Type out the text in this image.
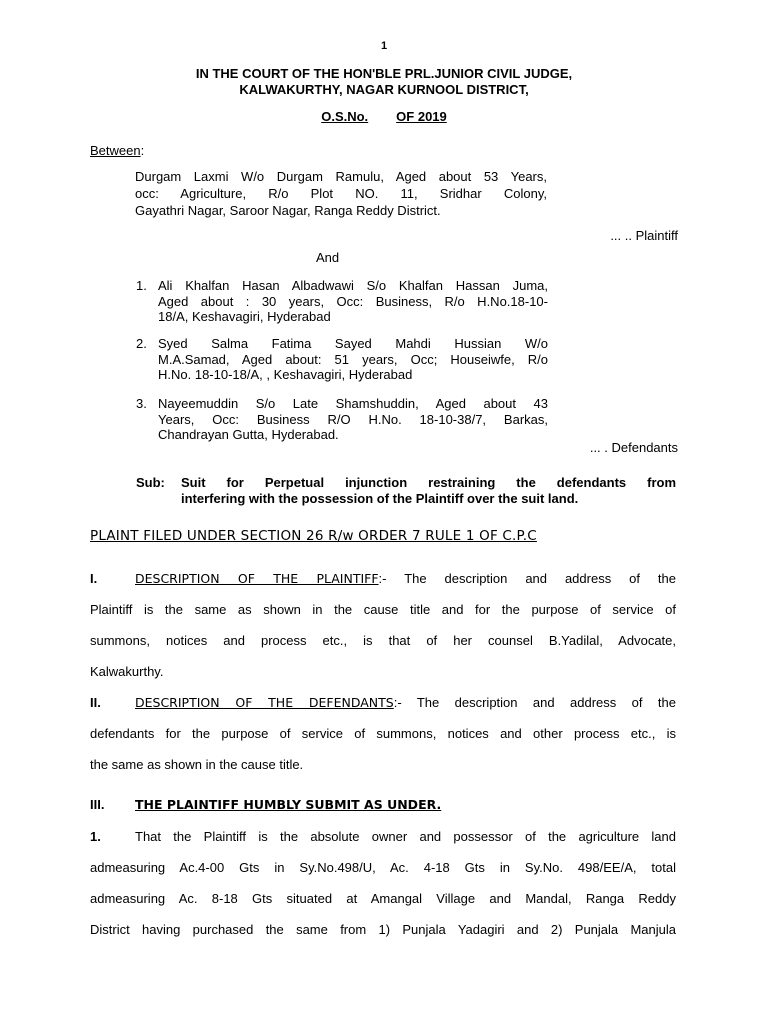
1
IN THE COURT OF THE HON'BLE PRL.JUNIOR CIVIL JUDGE,
KALWAKURTHY, NAGAR KURNOOL DISTRICT,
O.S.No. OF 2019
Between:
Durgam Laxmi W/o Durgam Ramulu, Aged about 53 Years,
occ: Agriculture, R/o Plot NO. 11, Sridhar Colony,
Gayathri Nagar, Saroor Nagar, Ranga Reddy District.
... .. Plaintiff
And
1. Ali Khalfan Hasan Albadwawi S/o Khalfan Hassan Juma,
Aged about : 30 years, Occ: Business, R/o H.No.18-10-
18/A, Keshavagiri, Hyderabad
2. Syed Salma Fatima Sayed Mahdi Hussian W/o
M.A.Samad, Aged about: 51 years, Occ; Houseiwfe, R/o
H.No. 18-10-18/A, , Keshavagiri, Hyderabad
3. Nayeemuddin S/o Late Shamshuddin, Aged about 43
Years, Occ: Business R/O H.No. 18-10-38/7, Barkas,
Chandrayan Gutta, Hyderabad.
... . Defendants
Sub: Suit for Perpetual injunction restraining the defendants from
interfering with the possession of the Plaintiff over the suit land.
PLAINT FILED UNDER SECTION 26 R/w ORDER 7 RULE 1 OF C.P.C
I.	DESCRIPTION OF THE PLAINTIFF:- The description and address of the
Plaintiff is the same as shown in the cause title and for the purpose of service of
summons, notices and process etc., is that of her counsel B.Yadilal, Advocate,
Kalwakurthy.
II.	DESCRIPTION OF THE DEFENDANTS:- The description and address of the
defendants for the purpose of service of summons, notices and other process etc., is
the same as shown in the cause title.
III. THE PLAINTIFF HUMBLY SUBMIT AS UNDER.
1.	That the Plaintiff is the absolute owner and possessor of the agriculture land
admeasuring Ac.4-00 Gts in Sy.No.498/U, Ac. 4-18 Gts in Sy.No. 498/EE/A, total
admeasuring Ac. 8-18 Gts situated at Amangal Village and Mandal, Ranga Reddy
District having purchased the same from 1) Punjala Yadagiri and 2) Punjala Manjula
